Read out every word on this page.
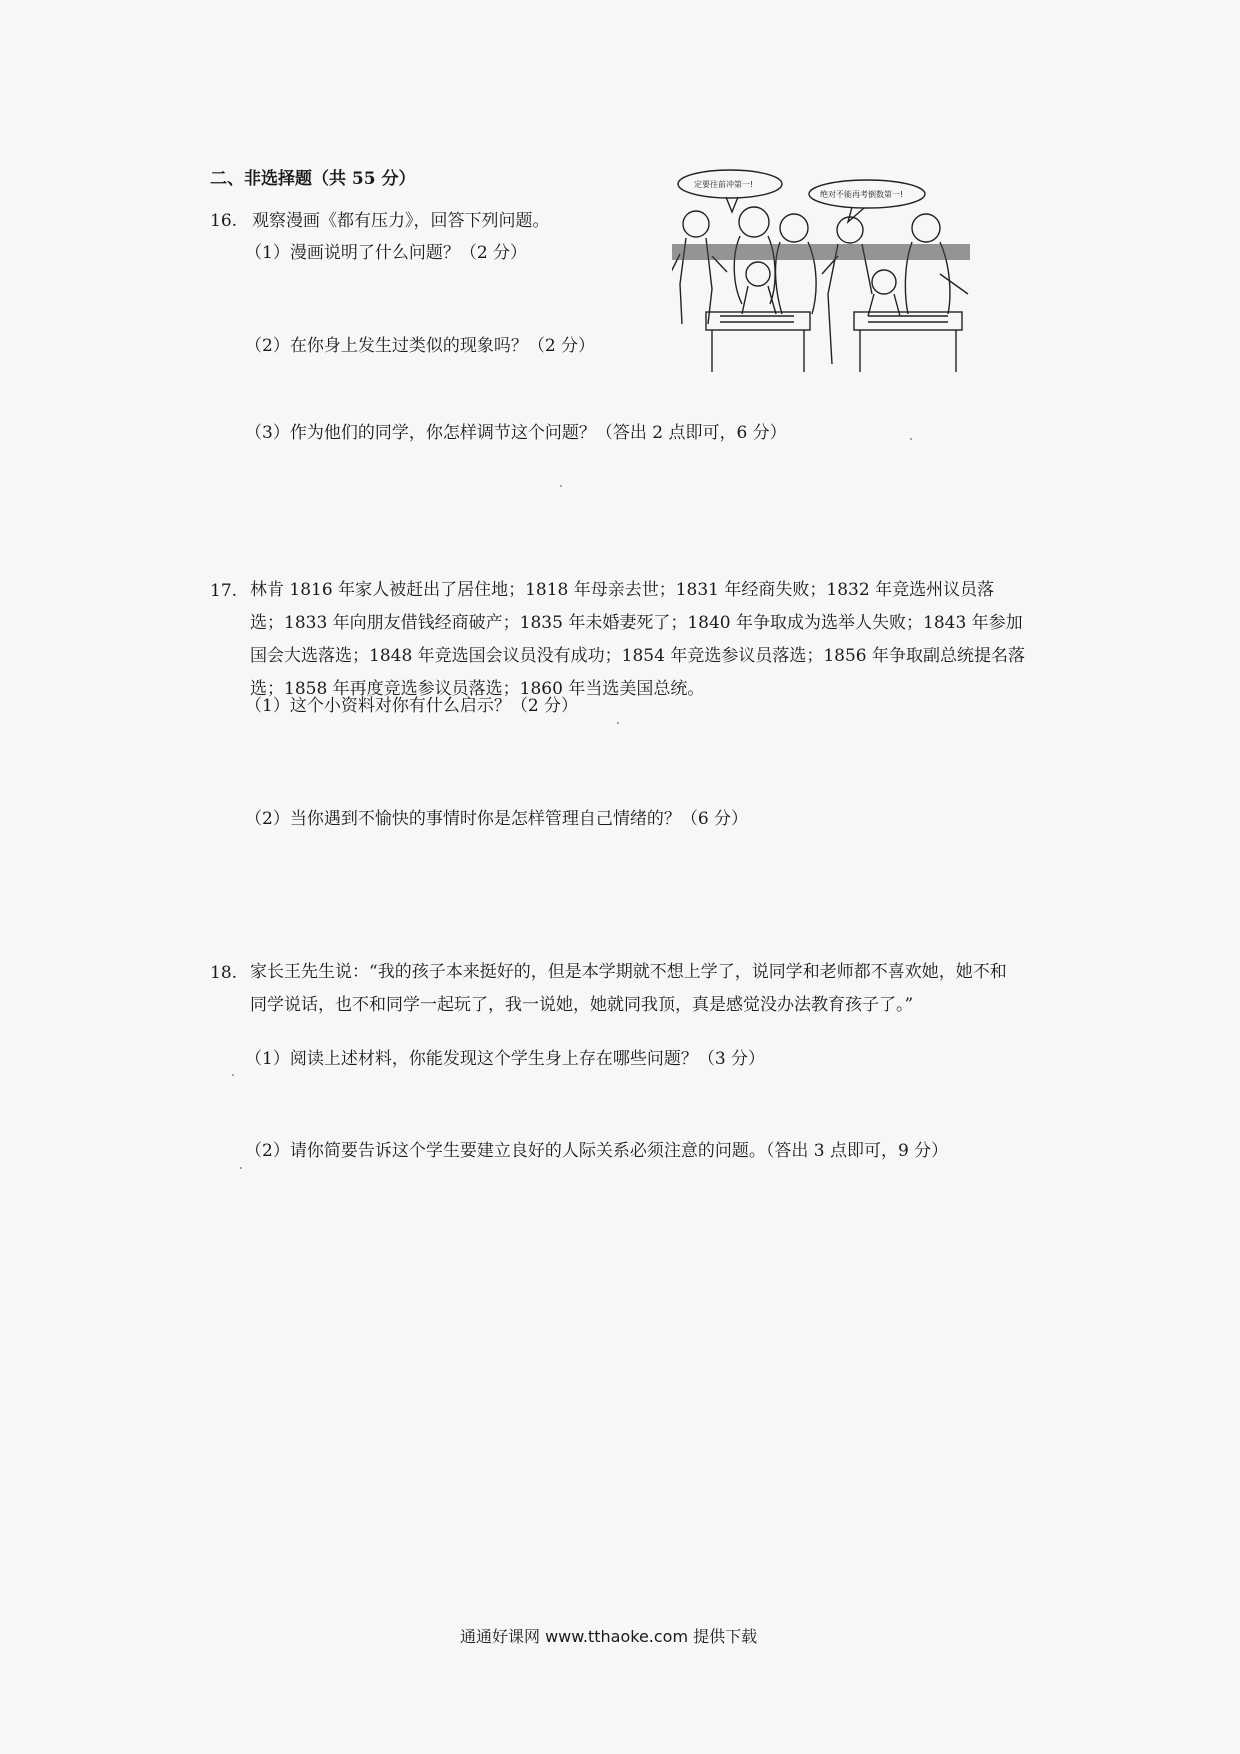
二、非选择题（共 55 分）
16. 观察漫画《都有压力》，回答下列问题。
（1）漫画说明了什么问题？（2 分）
（2）在你身上发生过类似的现象吗？（2 分）
（3）作为他们的同学，你怎样调节这个问题？（答出 2 点即可，6 分）
定要往前冲第一!
绝对不能再考倒数第一!
17. 林肯 1816 年家人被赶出了居住地；1818 年母亲去世；1831 年经商失败；1832 年竞选州议员落选；1833 年向朋友借钱经商破产；1835 年未婚妻死了；1840 年争取成为选举人失败；1843 年参加国会大选落选；1848 年竞选国会议员没有成功；1854 年竞选参议员落选；1856 年争取副总统提名落选；1858 年再度竞选参议员落选；1860 年当选美国总统。
（1）这个小资料对你有什么启示？（2 分）
（2）当你遇到不愉快的事情时你是怎样管理自己情绪的？（6 分）
18. 家长王先生说：“我的孩子本来挺好的，但是本学期就不想上学了，说同学和老师都不喜欢她，她不和同学说话，也不和同学一起玩了，我一说她，她就同我顶，真是感觉没办法教育孩子了。”
（1）阅读上述材料，你能发现这个学生身上存在哪些问题？（3 分）
（2）请你简要告诉这个学生要建立良好的人际关系必须注意的问题。（答出 3 点即可，9 分）
通通好课网 www.tthaoke.com 提供下载
